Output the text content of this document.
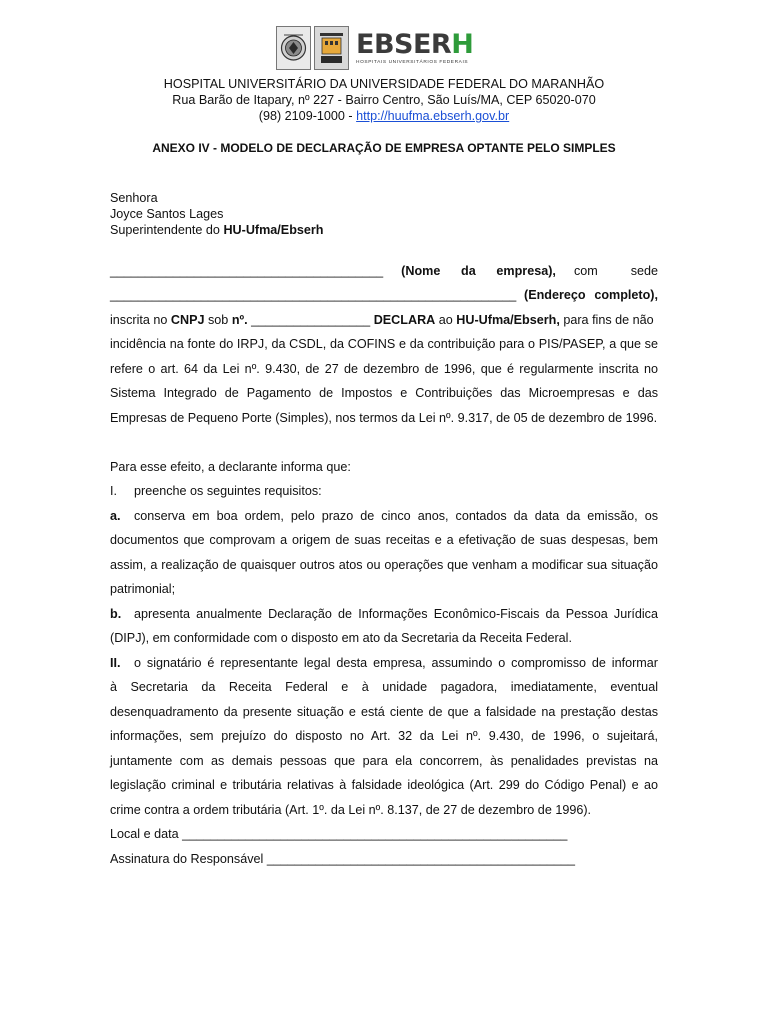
EBSERH
HOSPITAIS UNIVERSITÁRIOS FEDERAIS
HOSPITAL UNIVERSITÁRIO DA UNIVERSIDADE FEDERAL DO MARANHÃO
Rua Barão de Itapary, nº 227 - Bairro Centro, São Luís/MA, CEP 65020-070
(98) 2109-1000 - http://huufma.ebserh.gov.br
ANEXO IV - MODELO DE DECLARAÇÃO DE EMPRESA OPTANTE PELO SIMPLES
Senhora
Joyce Santos Lages
Superintendente do HU-Ufma/Ebserh
_______________________________________ (Nome da empresa), com	sede
__________________________________________________________ (Endereço completo),
inscrita no CNPJ sob nº. _________________ DECLARA ao HU-Ufma/Ebserh, para fins de não
incidência na fonte do IRPJ, da CSDL, da COFINS e da contribuição para o PIS/PASEP, a que se
refere o art. 64 da Lei nº. 9.430, de 27 de dezembro de 1996, que é regularmente inscrita no
Sistema Integrado de Pagamento de Impostos e Contribuições das Microempresas e das
Empresas de Pequeno Porte (Simples), nos termos da Lei nº. 9.317, de 05 de dezembro de 1996.
Para esse efeito, a declarante informa que:
I. preenche os seguintes requisitos:
a. conserva em boa ordem, pelo prazo de cinco anos, contados da data da emissão, os
documentos que comprovam a origem de suas receitas e a efetivação de suas despesas, bem
assim, a realização de quaisquer outros atos ou operações que venham a modificar sua situação
patrimonial;
b. apresenta anualmente Declaração de Informações Econômico-Fiscais da Pessoa Jurídica
(DIPJ), em conformidade com o disposto em ato da Secretaria da Receita Federal.
II. o signatário é representante legal desta empresa, assumindo o compromisso de informar
à Secretaria da Receita Federal e à unidade pagadora, imediatamente, eventual
desenquadramento da presente situação e está ciente de que a falsidade na prestação destas
informações, sem prejuízo do disposto no Art. 32 da Lei nº. 9.430, de 1996, o sujeitará,
juntamente com as demais pessoas que para ela concorrem, às penalidades previstas na
legislação criminal e tributária relativas à falsidade ideológica (Art. 299 do Código Penal) e ao
crime contra a ordem tributária (Art. 1º. da Lei nº. 8.137, de 27 de dezembro de 1996).
Local e data _______________________________________________________
Assinatura do Responsável ____________________________________________
